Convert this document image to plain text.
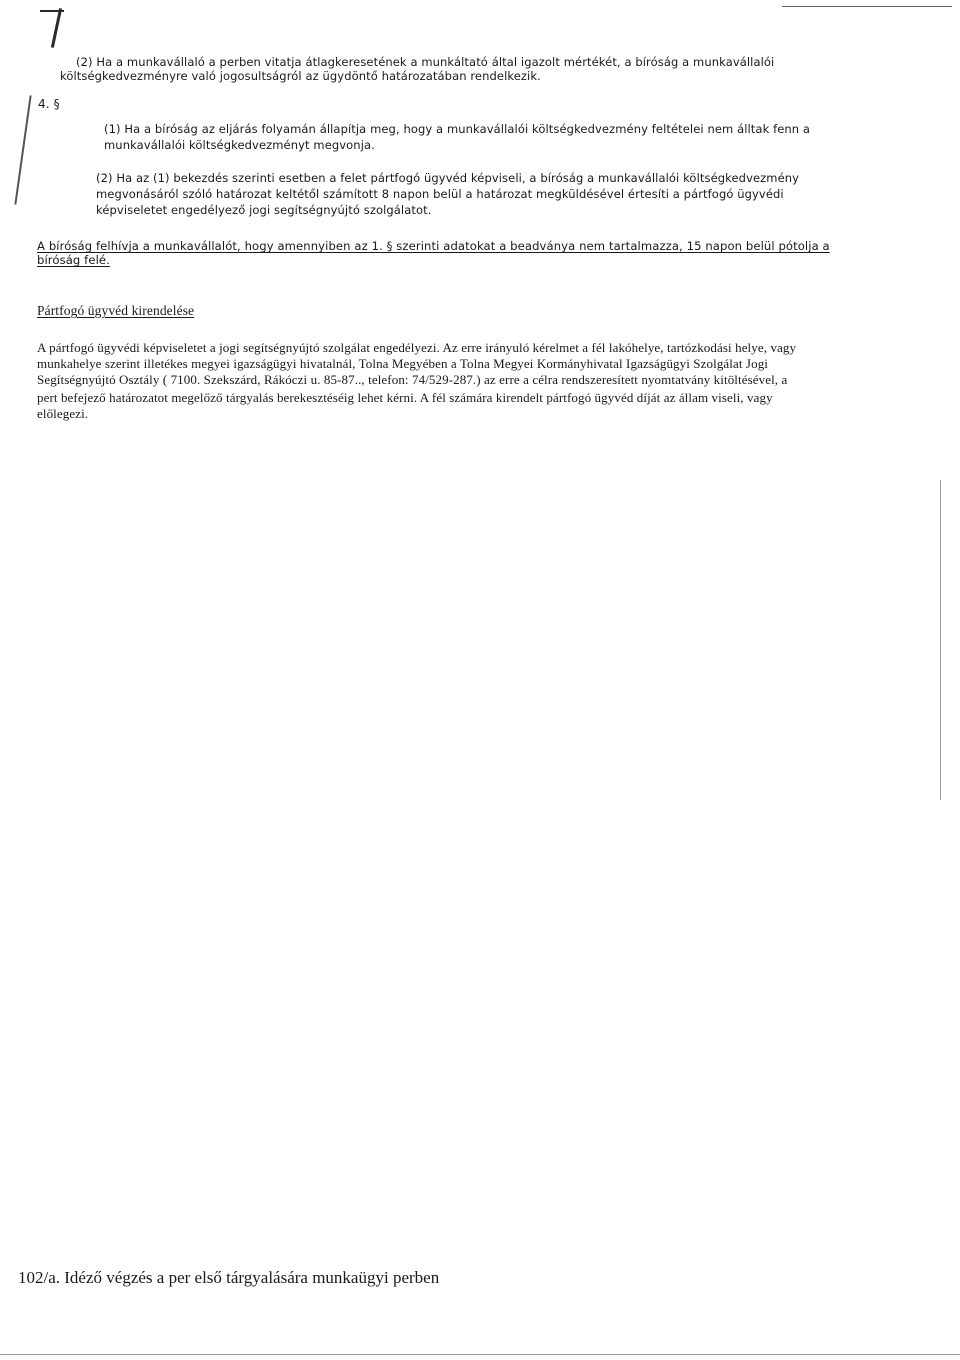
(2) Ha a munkavállaló a perben vitatja átlagkeresetének a munkáltató által igazolt mértékét, a bíróság a munkavállalói
költségkedvezményre való jogosultságról az ügydöntő határozatában rendelkezik.
4. §
(1) Ha a bíróság az eljárás folyamán állapítja meg, hogy a munkavállalói költségkedvezmény feltételei nem álltak fenn a
munkavállalói költségkedvezményt megvonja.
(2) Ha az (1) bekezdés szerinti esetben a felet pártfogó ügyvéd képviseli, a bíróság a munkavállalói költségkedvezmény
megvonásáról szóló határozat keltétől számított 8 napon belül a határozat megküldésével értesíti a pártfogó ügyvédi
képviseletet engedélyező jogi segítségnyújtó szolgálatot.
A bíróság felhívja a munkavállalót, hogy amennyiben az 1. § szerinti adatokat a beadványa nem tartalmazza, 15 napon belül pótolja a
bíróság felé.
Pártfogó ügyvéd kirendelése
A pártfogó ügyvédi képviseletet a jogi segítségnyújtó szolgálat engedélyezi. Az erre irányuló kérelmet a fél lakóhelye, tartózkodási helye, vagy
munkahelye szerint illetékes megyei igazságügyi hivatalnál, Tolna Megyében a Tolna Megyei Kormányhivatal Igazságügyi Szolgálat Jogi
Segítségnyújtó Osztály ( 7100. Szekszárd, Rákóczi u. 85-87.., telefon: 74/529-287.) az erre a célra rendszeresített nyomtatvány kitöltésével, a
pert befejező határozatot megelőző tárgyalás berekesztéséig lehet kérni. A fél számára kirendelt pártfogó ügyvéd díját az állam viseli, vagy
előlegezi.
102/a. Idéző végzés a per első tárgyalására munkaügyi perben
